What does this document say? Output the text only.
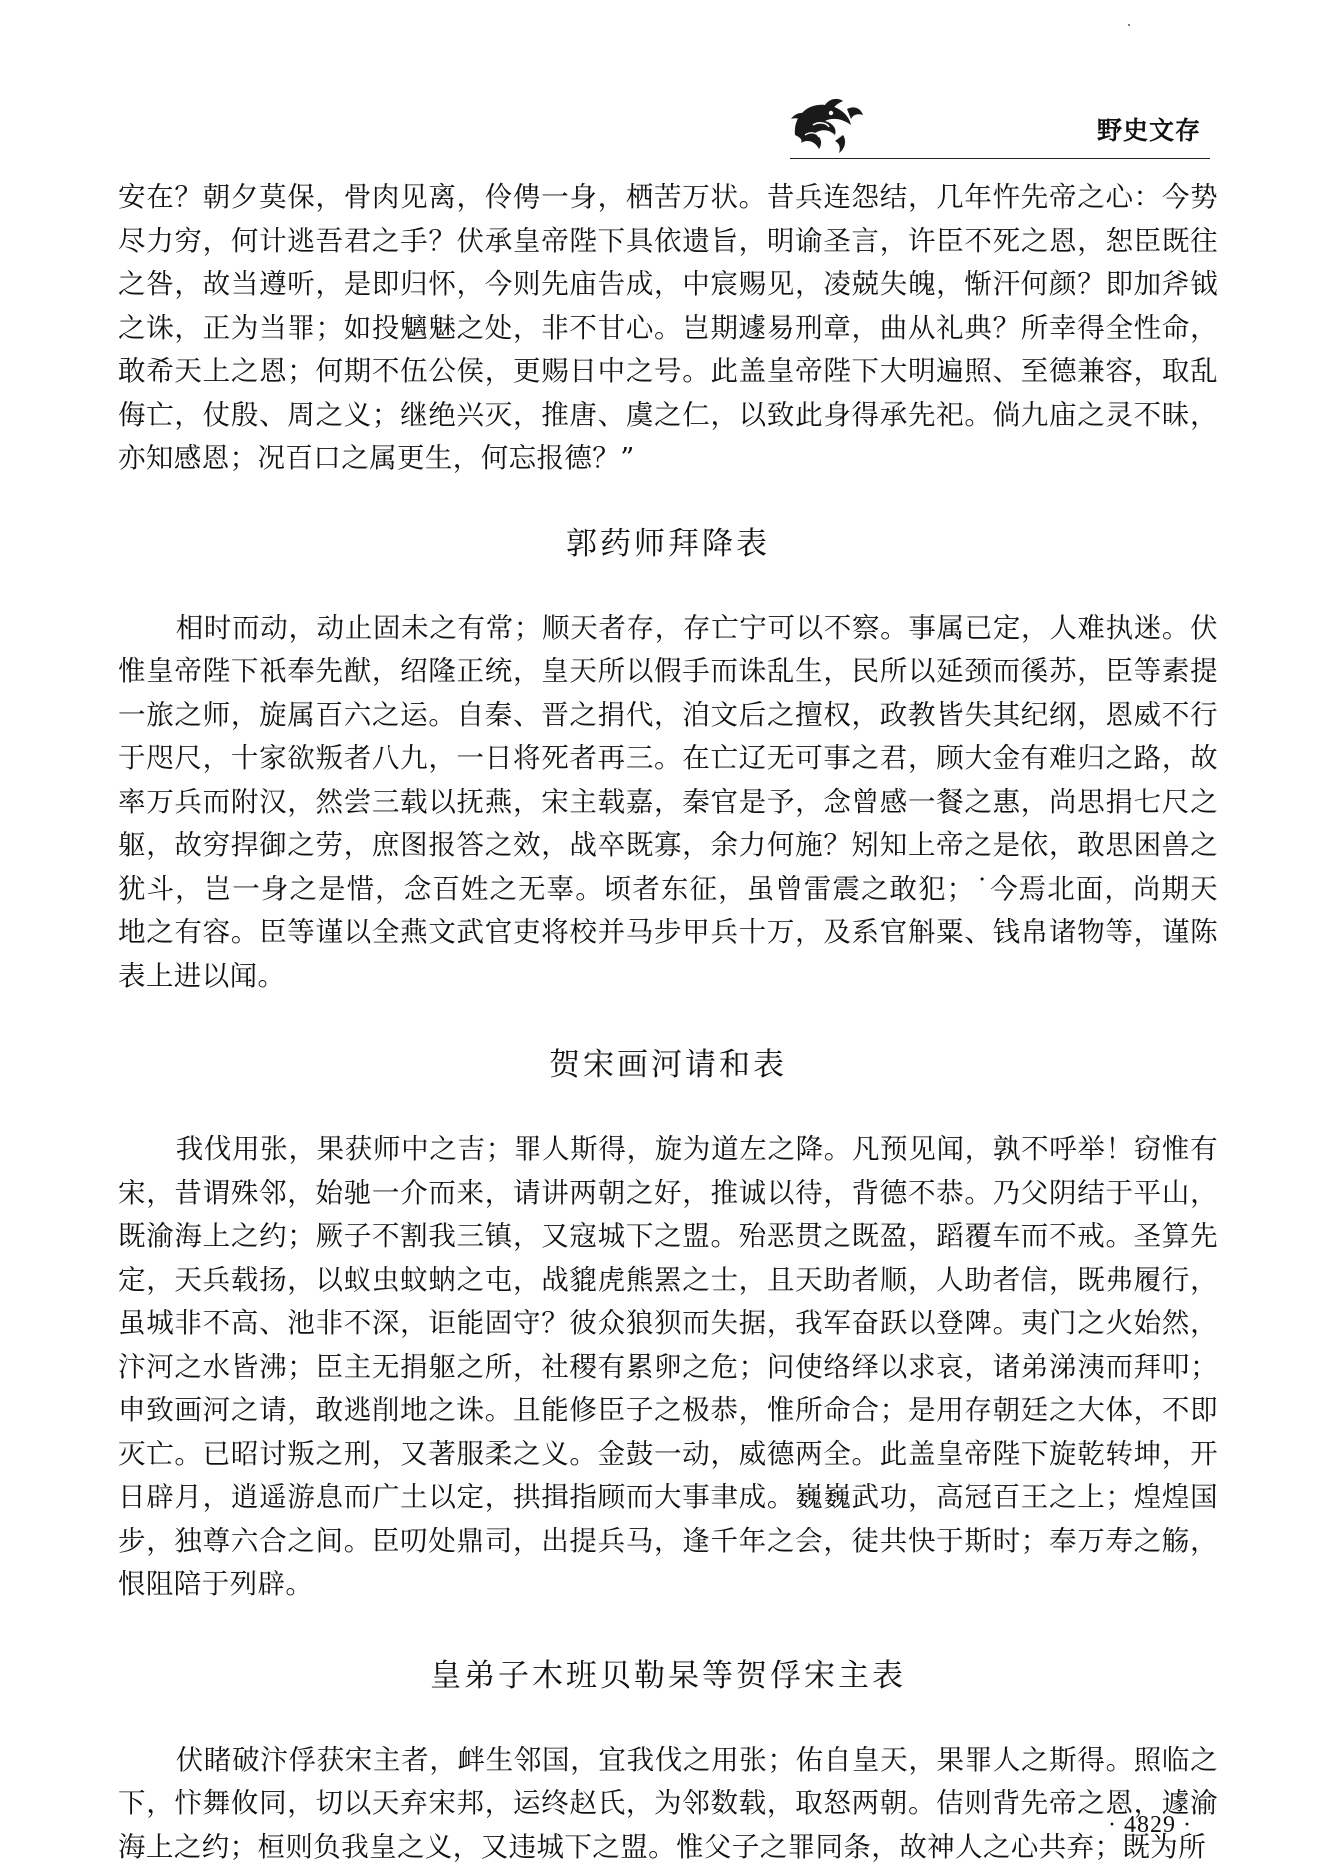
野史文存

安在？朝夕莫保，骨肉见离，伶俜一身，栖苦万状。昔兵连怨结，几年忤先帝之心：今势尽力穷，何计逃吾君之手？伏承皇帝陛下具依遗旨，明谕圣言，许臣不死之恩，恕臣既往之咎，故当遵听，是即归怀，今则先庙告成，中宸赐见，凌兢失魄，惭汗何颜？即加斧钺之诛，正为当罪；如投魑魅之处，非不甘心。岂期遽易刑章，曲从礼典？所幸得全性命，敢希天上之恩；何期不伍公侯，更赐日中之号。此盖皇帝陛下大明遍照、至德兼容，取乱侮亡，仗殷、周之义；继绝兴灭，推唐、虞之仁，以致此身得承先祀。倘九庙之灵不昧，亦知感恩；况百口之属更生，何忘报德？”

郭药师拜降表

相时而动，动止固未之有常；顺天者存，存亡宁可以不察。事属已定，人难执迷。伏惟皇帝陛下祇奉先猷，绍隆正统，皇天所以假手而诛乱生，民所以延颈而徯苏，臣等素提一旅之师，旋属百六之运。自秦、晋之捐代，洎文后之擅权，政教皆失其纪纲，恩威不行于咫尺，十家欲叛者八九，一日将死者再三。在亡辽无可事之君，顾大金有难归之路，故率万兵而附汉，然尝三载以抚燕，宋主载嘉，秦官是予，念曾感一餐之惠，尚思捐七尺之躯，故穷捍御之劳，庶图报答之效，战卒既寡，余力何施？矧知上帝之是依，敢思困兽之犹斗，岂一身之是惜，念百姓之无辜。顷者东征，虽曾雷震之敢犯；˙今焉北面，尚期天地之有容。臣等谨以全燕文武官吏将校并马步甲兵十万，及系官斛粟、钱帛诸物等，谨陈表上进以闻。

贺宋画河请和表

我伐用张，果获师中之吉；罪人斯得，旋为道左之降。凡预见闻，孰不呼举！窃惟有宋，昔谓殊邻，始驰一介而来，请讲两朝之好，推诚以待，背德不恭。乃父阴结于平山，既渝海上之约；厥子不割我三镇，又寇城下之盟。殆恶贯之既盈，蹈覆车而不戒。圣算先定，天兵载扬，以蚁虫蚊蚋之屯，战貔虎熊罴之士，且天助者顺，人助者信，既弗履行，虽城非不高、池非不深，讵能固守？彼众狼狈而失据，我军奋跃以登陴。夷门之火始然，汴河之水皆沸；臣主无捐躯之所，社稷有累卵之危；问使络绎以求哀，诸弟涕洟而拜叩；申致画河之请，敢逃削地之诛。且能修臣子之极恭，惟所命合；是用存朝廷之大体，不即灭亡。已昭讨叛之刑，又著服柔之义。金鼓一动，威德两全。此盖皇帝陛下旋乾转坤，开日辟月，逍遥游息而广土以定，拱揖指顾而大事聿成。巍巍武功，高冠百王之上；煌煌国步，独尊六合之间。臣叨处鼎司，出提兵马，逢千年之会，徒共快于斯时；奉万寿之觞，恨阻陪于列辟。

皇弟子木班贝勒杲等贺俘宋主表

伏睹破汴俘获宋主者，衅生邻国，宜我伐之用张；佑自皇天，果罪人之斯得。照临之下，忭舞攸同，切以天弃宋邦，运终赵氏，为邻数载，取怒两朝。佶则背先帝之恩，遽渝海上之约；桓则负我皇之义，又违城下之盟。惟父子之罪同条，故神人之心共弃；既为所

· 4829 ·
